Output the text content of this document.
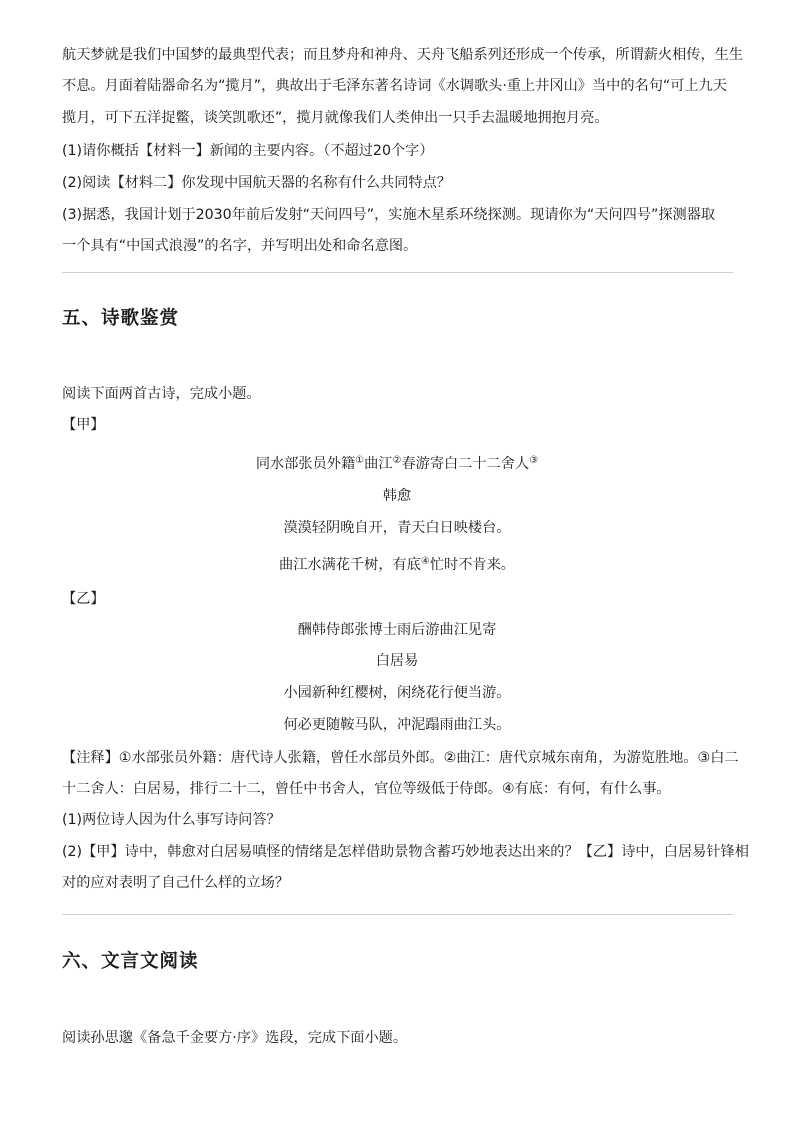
航天梦就是我们中国梦的最典型代表；而且梦舟和神舟、天舟飞船系列还形成一个传承，所谓薪火相传，生生
不息。月面着陆器命名为“揽月”，典故出于毛泽东著名诗词《水调歌头·重上井冈山》当中的名句“可上九天
揽月，可下五洋捉鳖，谈笑凯歌还”，揽月就像我们人类伸出一只手去温暖地拥抱月亮。
(1)请你概括【材料一】新闻的主要内容。（不超过20个字）
(2)阅读【材料二】你发现中国航天器的名称有什么共同特点？
(3)据悉，我国计划于2030年前后发射“天问四号”，实施木星系环绕探测。现请你为“天问四号”探测器取
一个具有“中国式浪漫”的名字，并写明出处和命名意图。
五、诗歌鉴赏
阅读下面两首古诗，完成小题。
【甲】
同水部张员外籍①曲江②春游寄白二十二舍人③
韩愈
漠漠轻阴晚自开，青天白日映楼台。
曲江水满花千树，有底④忙时不肯来。
【乙】
酬韩侍郎张博士雨后游曲江见寄
白居易
小园新种红樱树，闲绕花行便当游。
何必更随鞍马队，冲泥蹋雨曲江头。
【注释】①水部张员外籍：唐代诗人张籍，曾任水部员外郎。②曲江：唐代京城东南角，为游览胜地。③白二
十二舍人：白居易，排行二十二，曾任中书舍人，官位等级低于侍郎。④有底：有何，有什么事。
(1)两位诗人因为什么事写诗问答？
(2)【甲】诗中，韩愈对白居易嗔怪的情绪是怎样借助景物含蓄巧妙地表达出来的？【乙】诗中，白居易针锋相
对的应对表明了自己什么样的立场？
六、文言文阅读
阅读孙思邈《备急千金要方·序》选段，完成下面小题。
